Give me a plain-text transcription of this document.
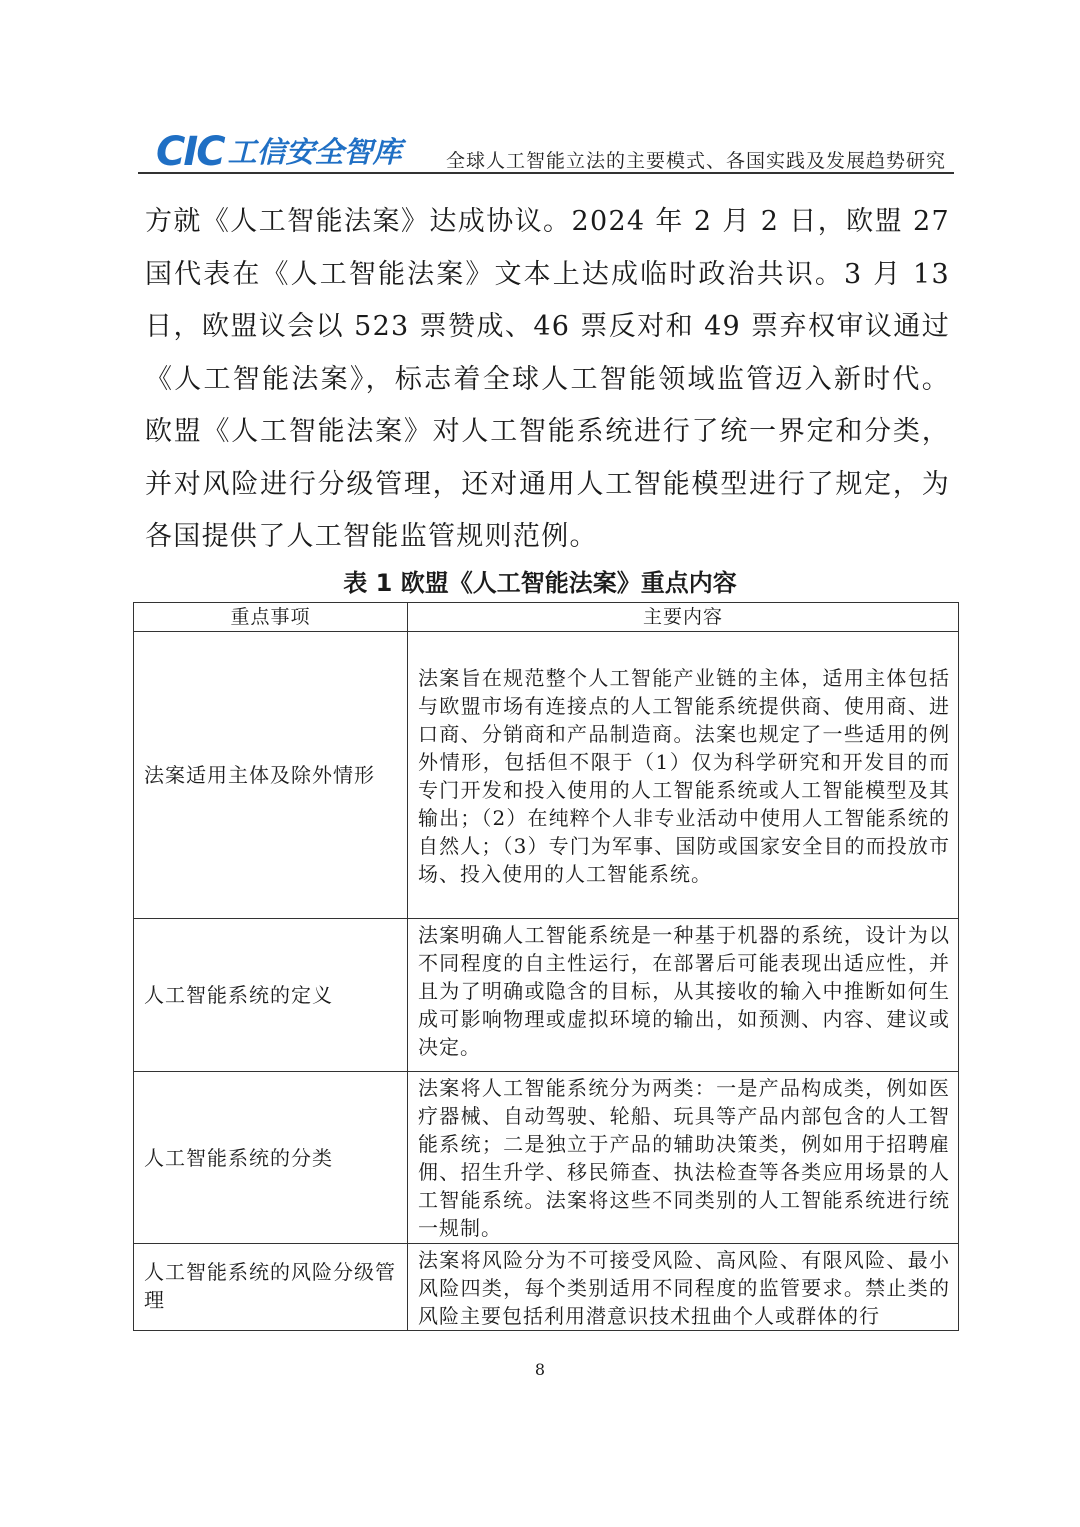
CIC 工信安全智库 全球人工智能立法的主要模式、各国实践及发展趋势研究

方就《人工智能法案》达成协议。2024 年 2 月 2 日，欧盟 27 国代表在《人工智能法案》文本上达成临时政治共识。3 月 13 日，欧盟议会以 523 票赞成、46 票反对和 49 票弃权审议通过《人工智能法案》，标志着全球人工智能领域监管迈入新时代。欧盟《人工智能法案》对人工智能系统进行了统一界定和分类，并对风险进行分级管理，还对通用人工智能模型进行了规定，为各国提供了人工智能监管规则范例。

表 1 欧盟《人工智能法案》重点内容
重点事项	主要内容
法案适用主体及除外情形	法案旨在规范整个人工智能产业链的主体，适用主体包括与欧盟市场有连接点的人工智能系统提供商、使用商、进口商、分销商和产品制造商。法案也规定了一些适用的例外情形，包括但不限于（1）仅为科学研究和开发目的而专门开发和投入使用的人工智能系统或人工智能模型及其输出；（2）在纯粹个人非专业活动中使用人工智能系统的自然人；（3）专门为军事、国防或国家安全目的而投放市场、投入使用的人工智能系统。

人工智能系统的定义	法案明确人工智能系统是一种基于机器的系统，设计为以不同程度的自主性运行，在部署后可能表现出适应性，并且为了明确或隐含的目标，从其接收的输入中推断如何生成可影响物理或虚拟环境的输出，如预测、内容、建议或决定。

人工智能系统的分类	法案将人工智能系统分为两类：一是产品构成类，例如医疗器械、自动驾驶、轮船、玩具等产品内部包含的人工智能系统；二是独立于产品的辅助决策类，例如用于招聘雇佣、招生升学、移民筛查、执法检查等各类应用场景的人工智能系统。法案将这些不同类别的人工智能系统进行统一规制。

人工智能系统的风险分级管理	法案将风险分为不可接受风险、高风险、有限风险、最小风险四类，每个类别适用不同程度的监管要求。禁止类的风险主要包括利用潜意识技术扭曲个人或群体的行
8
